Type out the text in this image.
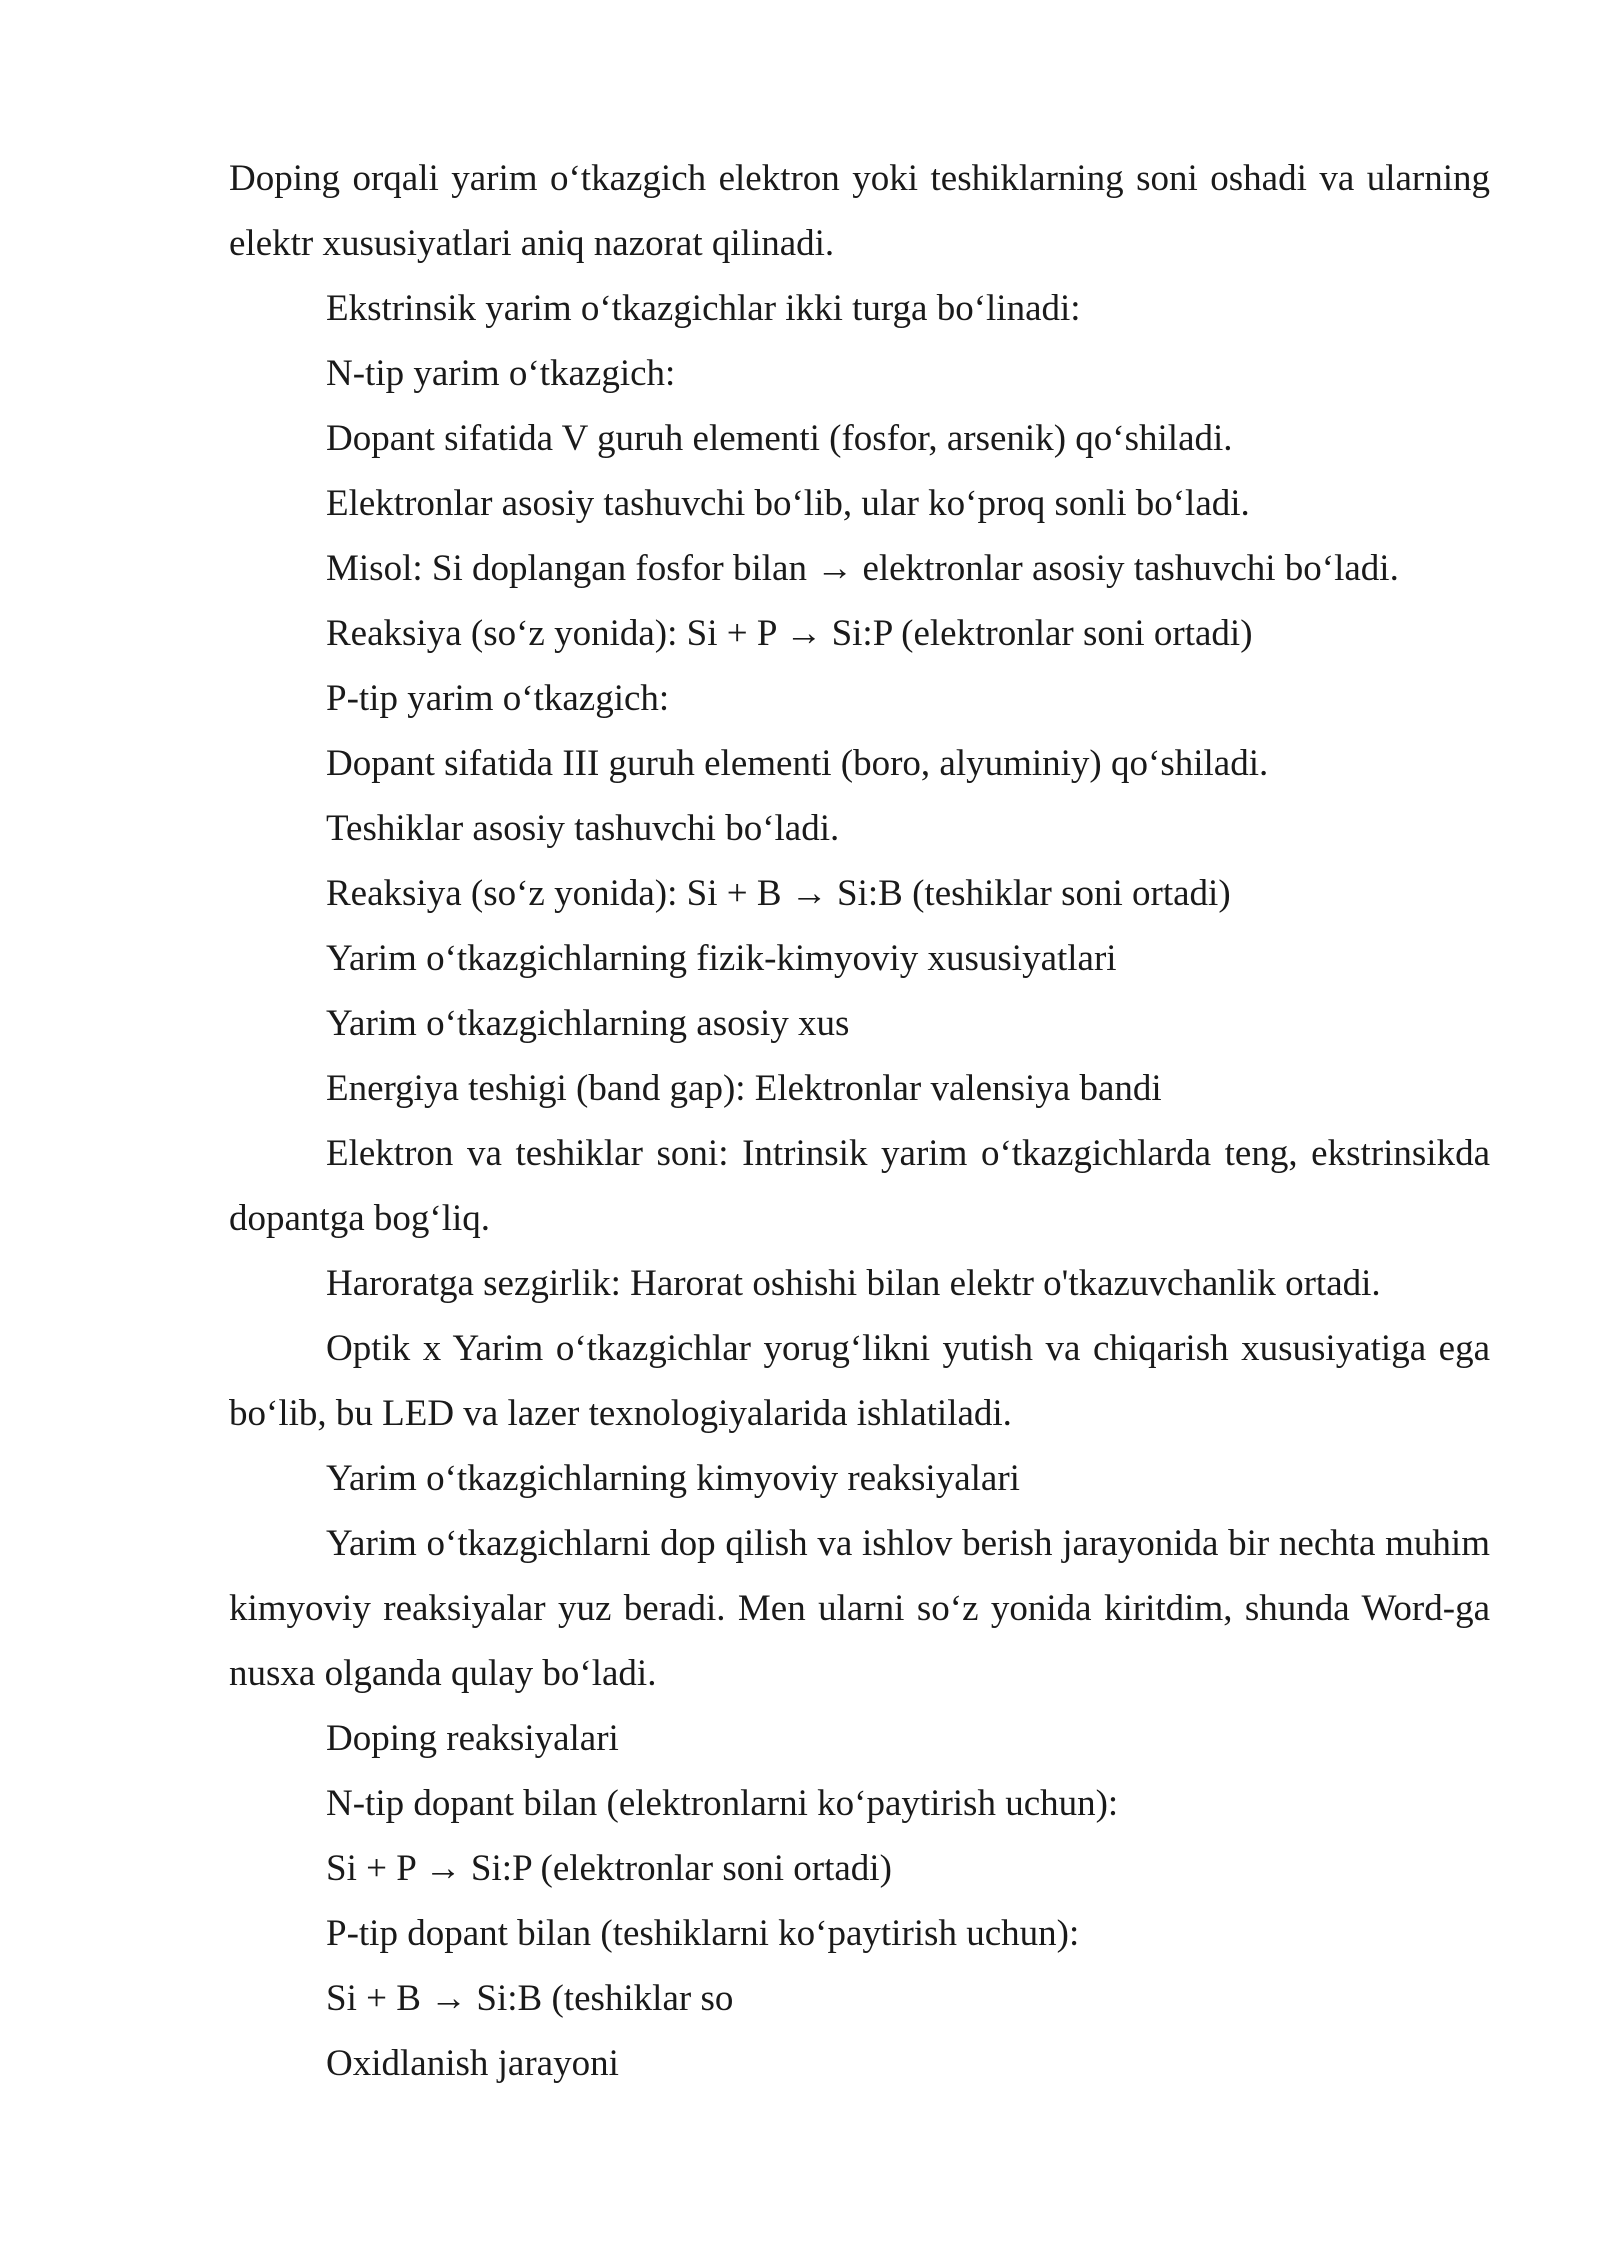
Doping orqali yarim o‘tkazgich elektron yoki teshiklarning soni oshadi va ularning elektr xususiyatlari aniq nazorat qilinadi.

Ekstrinsik yarim o‘tkazgichlar ikki turga bo‘linadi:

N-tip yarim o‘tkazgich:

Dopant sifatida V guruh elementi (fosfor, arsenik) qo‘shiladi.

Elektronlar asosiy tashuvchi bo‘lib, ular ko‘proq sonli bo‘ladi.

Misol: Si doplangan fosfor bilan → elektronlar asosiy tashuvchi bo‘ladi.

Reaksiya (so‘z yonida): Si + P → Si:P (elektronlar soni ortadi)

P-tip yarim o‘tkazgich:

Dopant sifatida III guruh elementi (boro, alyuminiy) qo‘shiladi.

Teshiklar asosiy tashuvchi bo‘ladi.

Reaksiya (so‘z yonida): Si + B → Si:B (teshiklar soni ortadi)

Yarim o‘tkazgichlarning fizik-kimyoviy xususiyatlari

Yarim o‘tkazgichlarning asosiy xus

Energiya teshigi (band gap): Elektronlar valensiya bandi

Elektron va teshiklar soni: Intrinsik yarim o‘tkazgichlarda teng, ekstrinsikda dopantga bog‘liq.

Haroratga sezgirlik: Harorat oshishi bilan elektr o'tkazuvchanlik ortadi.

Optik x Yarim o‘tkazgichlar yorug‘likni yutish va chiqarish xususiyatiga ega bo‘lib, bu LED va lazer texnologiyalarida ishlatiladi.

Yarim o‘tkazgichlarning kimyoviy reaksiyalari

Yarim o‘tkazgichlarni dop qilish va ishlov berish jarayonida bir nechta muhim kimyoviy reaksiyalar yuz beradi. Men ularni so‘z yonida kiritdim, shunda Word-ga nusxa olganda qulay bo‘ladi.

Doping reaksiyalari

N-tip dopant bilan (elektronlarni ko‘paytirish uchun):

Si + P → Si:P (elektronlar soni ortadi)

P-tip dopant bilan (teshiklarni ko‘paytirish uchun):

Si + B → Si:B (teshiklar so

Oxidlanish jarayoni
